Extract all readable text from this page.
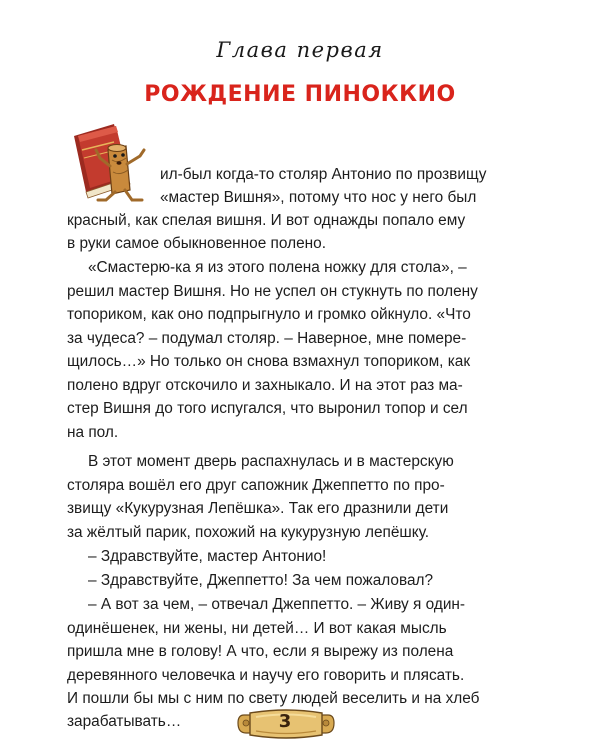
Глава первая
РОЖДЕНИЕ ПИНОККИО
ил-был когда-то столяр Антонио по прозвищу
«мастер Вишня», потому что нос у него был
красный, как спелая вишня. И вот однажды попало ему
в руки самое обыкновенное полено.
«Смастерю-ка я из этого полена ножку для стола», –
решил мастер Вишня. Но не успел он стукнуть по полену
топориком, как оно подпрыгнуло и громко ойкнуло. «Что
за чудеса? – подумал столяр. – Наверное, мне помере-
щилось…» Но только он снова взмахнул топориком, как
полено вдруг отскочило и захныкало. И на этот раз ма-
стер Вишня до того испугался, что выронил топор и сел
на пол.
В этот момент дверь распахнулась и в мастерскую
столяра вошёл его друг сапожник Джеппетто по про-
звищу «Кукурузная Лепёшка». Так его дразнили дети
за жёлтый парик, похожий на кукурузную лепёшку.
– Здравствуйте, мастер Антонио!
– Здравствуйте, Джеппетто! За чем пожаловал?
– А вот за чем, – отвечал Джеппетто. – Живу я один-
одинёшенек, ни жены, ни детей… И вот какая мысль
пришла мне в голову! А что, если я вырежу из полена
деревянного человечка и научу его говорить и плясать.
И пошли бы мы с ним по свету людей веселить и на хлеб
зарабатывать…	3
